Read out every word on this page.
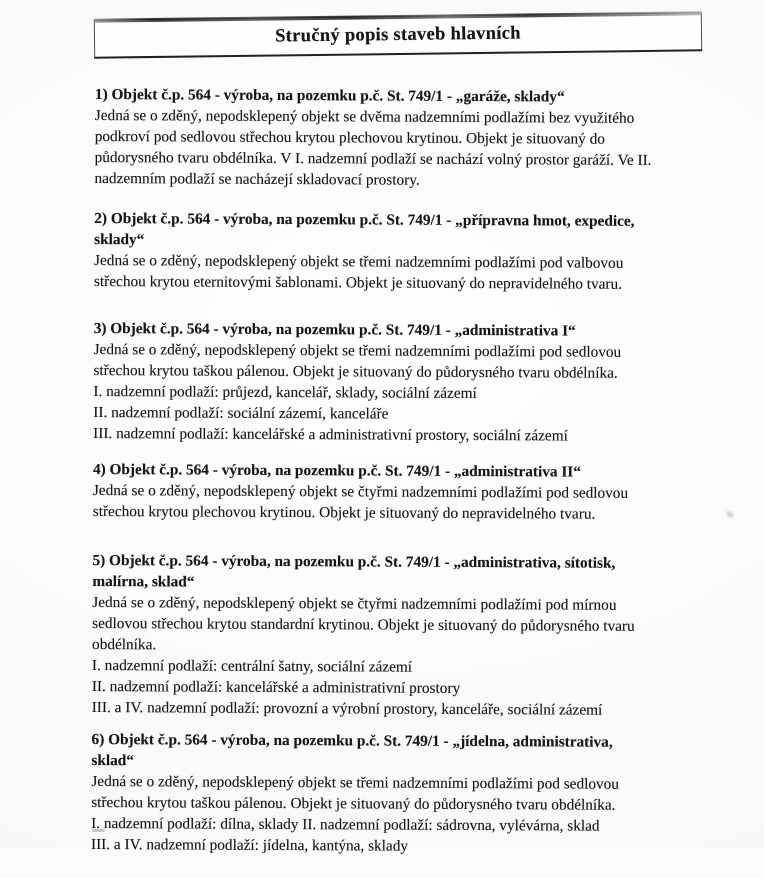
Stručný popis staveb hlavních
1) Objekt č.p. 564 - výroba, na pozemku p.č. St. 749/1 - „garáže, sklady“
Jedná se o zděný, nepodsklepený objekt se dvěma nadzemními podlažími bez využitého
podkroví pod sedlovou střechou krytou plechovou krytinou. Objekt je situovaný do
půdorysného tvaru obdélníka. V I. nadzemní podlaží se nachází volný prostor garáží. Ve II.
nadzemním podlaží se nacházejí skladovací prostory.
2) Objekt č.p. 564 - výroba, na pozemku p.č. St. 749/1 - „přípravna hmot, expedice,
sklady“
Jedná se o zděný, nepodsklepený objekt se třemi nadzemními podlažími pod valbovou
střechou krytou eternitovými šablonami. Objekt je situovaný do nepravidelného tvaru.
3) Objekt č.p. 564 - výroba, na pozemku p.č. St. 749/1 - „administrativa I“
Jedná se o zděný, nepodsklepený objekt se třemi nadzemními podlažími pod sedlovou
střechou krytou taškou pálenou. Objekt je situovaný do půdorysného tvaru obdélníka.
I. nadzemní podlaží: průjezd, kancelář, sklady, sociální zázemí
II. nadzemní podlaží: sociální zázemí, kanceláře
III. nadzemní podlaží: kancelářské a administrativní prostory, sociální zázemí
4) Objekt č.p. 564 - výroba, na pozemku p.č. St. 749/1 - „administrativa II“
Jedná se o zděný, nepodsklepený objekt se čtyřmi nadzemními podlažími pod sedlovou
střechou krytou plechovou krytinou. Objekt je situovaný do nepravidelného tvaru.
5) Objekt č.p. 564 - výroba, na pozemku p.č. St. 749/1 - „administrativa, sítotisk,
malírna, sklad“
Jedná se o zděný, nepodsklepený objekt se čtyřmi nadzemními podlažími pod mírnou
sedlovou střechou krytou standardní krytinou. Objekt je situovaný do půdorysného tvaru
obdélníka.
I. nadzemní podlaží: centrální šatny, sociální zázemí
II. nadzemní podlaží: kancelářské a administrativní prostory
III. a IV. nadzemní podlaží: provozní a výrobní prostory, kanceláře, sociální zázemí
6) Objekt č.p. 564 - výroba, na pozemku p.č. St. 749/1 - „jídelna, administrativa,
sklad“
Jedná se o zděný, nepodsklepený objekt se třemi nadzemními podlažími pod sedlovou
střechou krytou taškou pálenou. Objekt je situovaný do půdorysného tvaru obdélníka.
I. nadzemní podlaží: dílna, sklady II. nadzemní podlaží: sádrovna, vylévárna, sklad
III. a IV. nadzemní podlaží: jídelna, kantýna, sklady
